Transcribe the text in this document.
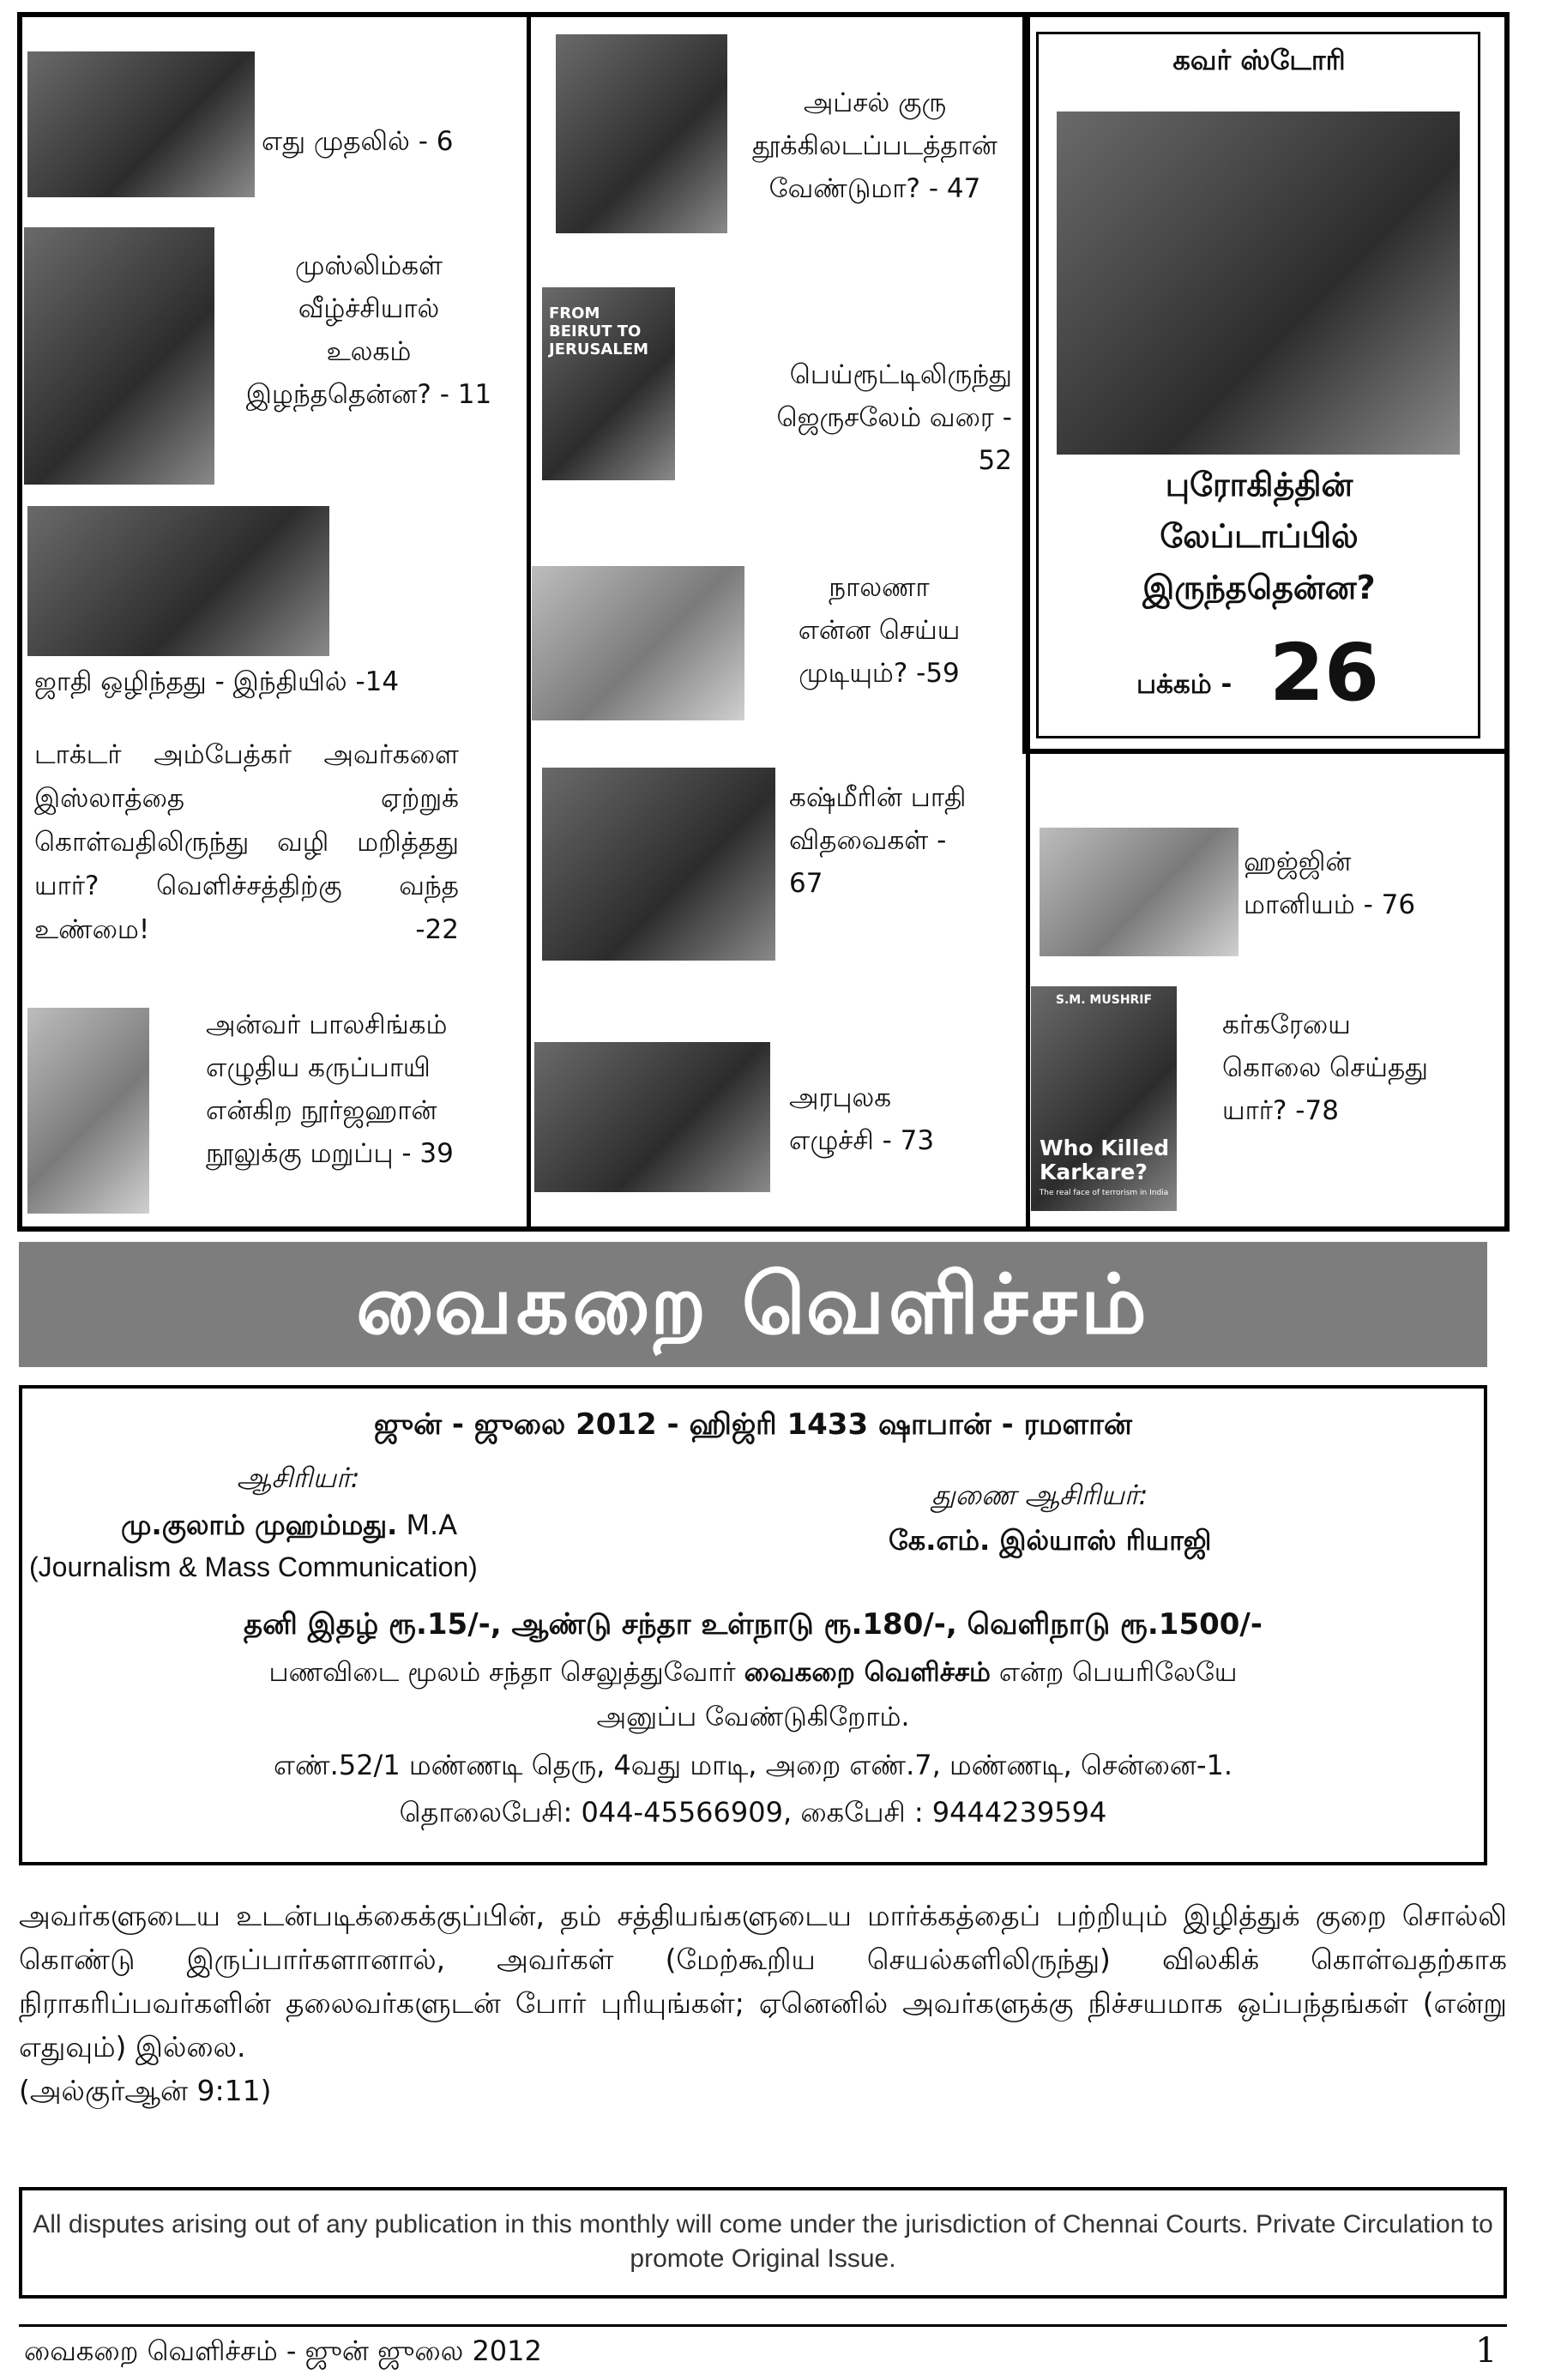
எது முதலில் - 6
முஸ்லிம்கள்
வீழ்ச்சியால்
உலகம்
இழந்ததென்ன? - 11
ஜாதி ஒழிந்தது - இந்தியில் -14
டாக்டர் அம்பேத்கர் அவர்களை இஸ்லாத்தை ஏற்றுக் கொள்வதிலிருந்து வழி மறித்தது யார்? வெளிச்சத்திற்கு வந்த உண்மை! -22
அன்வர் பாலசிங்கம்
எழுதிய கருப்பாயி
என்கிற நூர்ஜஹான்
நூலுக்கு மறுப்பு - 39
அப்சல் குரு
தூக்கிலடப்படத்தான்
வேண்டுமா? - 47
FROM BEIRUT TO JERUSALEM
பெய்ரூட்டிலிருந்து
ஜெருசலேம் வரை -
52
நாலணா
என்ன செய்ய
முடியும்? -59
கஷ்மீரின் பாதி
விதவைகள் -
67
அரபுலக
எழுச்சி - 73
கவர் ஸ்டோரி
புரோகித்தின்
லேப்டாப்பில்
இருந்ததென்ன?
பக்கம் - 26
ஹஜ்ஜின்
மானியம் - 76
S.M. MUSHRIF
Who Killed Karkare?
The real face of terrorism in India
கர்கரேயை
கொலை செய்தது
யார்? -78
வைகறை வெளிச்சம்
ஜுன் - ஜுலை 2012 - ஹிஜ்ரி 1433 ஷாபான் - ரமளான்
ஆசிரியர்:
மு.குலாம் முஹம்மது. M.A
(Journalism & Mass Communication)
துணை ஆசிரியர்:
கே.எம். இல்யாஸ் ரியாஜி
தனி இதழ் ரூ.15/-, ஆண்டு சந்தா உள்நாடு ரூ.180/-, வெளிநாடு ரூ.1500/-
பணவிடை மூலம் சந்தா செலுத்துவோர் வைகறை வெளிச்சம் என்ற பெயரிலேயே
அனுப்ப வேண்டுகிறோம்.
எண்.52/1 மண்ணடி தெரு, 4வது மாடி, அறை எண்.7, மண்ணடி, சென்னை-1.
தொலைபேசி: 044-45566909, கைபேசி : 9444239594
அவர்களுடைய உடன்படிக்கைக்குப்பின், தம் சத்தியங்களுடைய மார்க்கத்தைப் பற்றியும் இழித்துக் குறை சொல்லி கொண்டு இருப்பார்களானால், அவர்கள் (மேற்கூறிய செயல்களிலிருந்து) விலகிக் கொள்வதற்காக நிராகரிப்பவர்களின் தலைவர்களுடன் போர் புரியுங்கள்; ஏனெனில் அவர்களுக்கு நிச்சயமாக ஒப்பந்தங்கள் (என்று எதுவும்) இல்லை.
(அல்குர்ஆன் 9:11)
All disputes arising out of any publication in this monthly will come under the jurisdiction of Chennai Courts. Private Circulation to promote Original Issue.
வைகறை வெளிச்சம் - ஜுன் ஜுலை 2012	1
